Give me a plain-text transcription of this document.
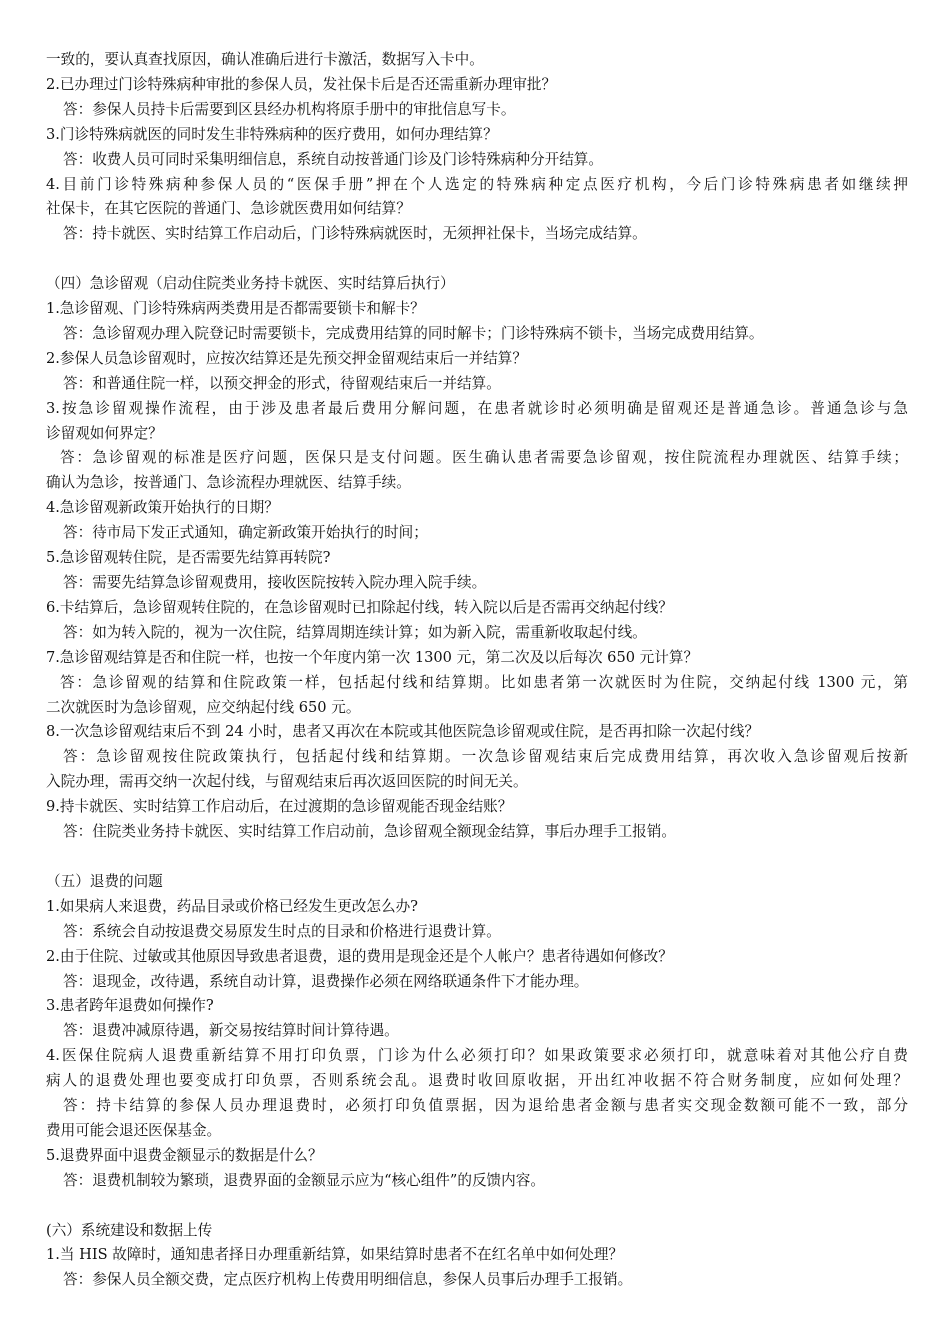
一致的，要认真查找原因，确认准确后进行卡激活，数据写入卡中。
2.已办理过门诊特殊病种审批的参保人员，发社保卡后是否还需重新办理审批？
答：参保人员持卡后需要到区县经办机构将原手册中的审批信息写卡。
3.门诊特殊病就医的同时发生非特殊病种的医疗费用，如何办理结算？
答：收费人员可同时采集明细信息，系统自动按普通门诊及门诊特殊病种分开结算。
4.目前门诊特殊病种参保人员的“医保手册”押在个人选定的特殊病种定点医疗机构，今后门诊特殊病患者如继续押
社保卡，在其它医院的普通门、急诊就医费用如何结算？
答：持卡就医、实时结算工作启动后，门诊特殊病就医时，无须押社保卡，当场完成结算。
（四）急诊留观（启动住院类业务持卡就医、实时结算后执行）
1.急诊留观、门诊特殊病两类费用是否都需要锁卡和解卡？
答：急诊留观办理入院登记时需要锁卡，完成费用结算的同时解卡；门诊特殊病不锁卡，当场完成费用结算。
2.参保人员急诊留观时，应按次结算还是先预交押金留观结束后一并结算？
答：和普通住院一样，以预交押金的形式，待留观结束后一并结算。
3.按急诊留观操作流程，由于涉及患者最后费用分解问题，在患者就诊时必须明确是留观还是普通急诊。普通急诊与急
诊留观如何界定？
答：急诊留观的标准是医疗问题，医保只是支付问题。医生确认患者需要急诊留观，按住院流程办理就医、结算手续；
确认为急诊，按普通门、急诊流程办理就医、结算手续。
4.急诊留观新政策开始执行的日期？
答：待市局下发正式通知，确定新政策开始执行的时间；
5.急诊留观转住院，是否需要先结算再转院?
答：需要先结算急诊留观费用，接收医院按转入院办理入院手续。
6.卡结算后，急诊留观转住院的，在急诊留观时已扣除起付线，转入院以后是否需再交纳起付线？
答：如为转入院的，视为一次住院，结算周期连续计算；如为新入院，需重新收取起付线。
7.急诊留观结算是否和住院一样，也按一个年度内第一次 1300 元，第二次及以后每次 650 元计算？
答：急诊留观的结算和住院政策一样，包括起付线和结算期。比如患者第一次就医时为住院，交纳起付线 1300 元，第
二次就医时为急诊留观，应交纳起付线 650 元。
8.一次急诊留观结束后不到 24 小时，患者又再次在本院或其他医院急诊留观或住院，是否再扣除一次起付线？
答：急诊留观按住院政策执行，包括起付线和结算期。一次急诊留观结束后完成费用结算，再次收入急诊留观后按新
入院办理，需再交纳一次起付线，与留观结束后再次返回医院的时间无关。
9.持卡就医、实时结算工作启动后，在过渡期的急诊留观能否现金结账？
答：住院类业务持卡就医、实时结算工作启动前，急诊留观全额现金结算，事后办理手工报销。
（五）退费的问题
1.如果病人来退费，药品目录或价格已经发生更改怎么办?
答：系统会自动按退费交易原发生时点的目录和价格进行退费计算。
2.由于住院、过敏或其他原因导致患者退费，退的费用是现金还是个人帐户？患者待遇如何修改？
答：退现金，改待遇，系统自动计算，退费操作必须在网络联通条件下才能办理。
3.患者跨年退费如何操作?
答：退费冲减原待遇，新交易按结算时间计算待遇。
4.医保住院病人退费重新结算不用打印负票，门诊为什么必须打印？如果政策要求必须打印，就意味着对其他公疗自费
病人的退费处理也要变成打印负票，否则系统会乱。退费时收回原收据，开出红冲收据不符合财务制度，应如何处理？
答：持卡结算的参保人员办理退费时，必须打印负值票据，因为退给患者金额与患者实交现金数额可能不一致，部分
费用可能会退还医保基金。
5.退费界面中退费金额显示的数据是什么？
答：退费机制较为繁琐，退费界面的金额显示应为“核心组件”的反馈内容。
(六）系统建设和数据上传
1.当 HIS 故障时，通知患者择日办理重新结算，如果结算时患者不在红名单中如何处理？
答：参保人员全额交费，定点医疗机构上传费用明细信息，参保人员事后办理手工报销。
